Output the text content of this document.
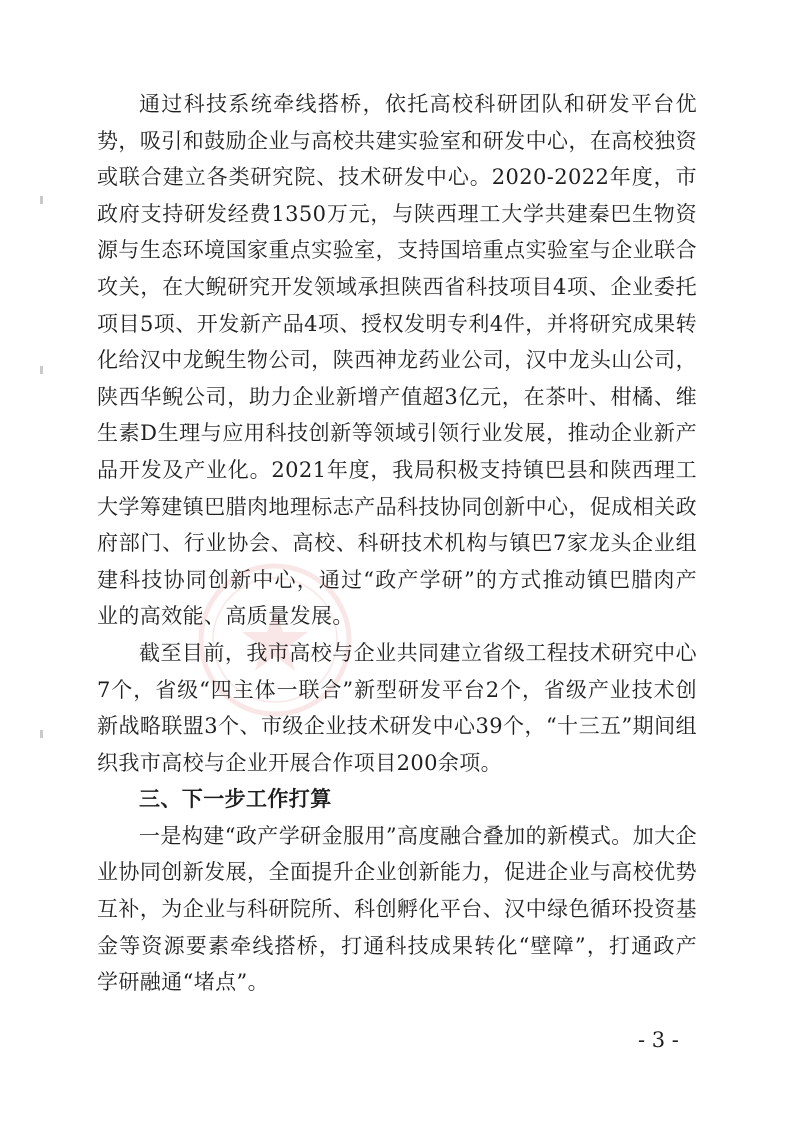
通过科技系统牵线搭桥，依托高校科研团队和研发平台优势，吸引和鼓励企业与高校共建实验室和研发中心，在高校独资或联合建立各类研究院、技术研发中心。2020-2022年度，市政府支持研发经费1350万元，与陕西理工大学共建秦巴生物资源与生态环境国家重点实验室，支持国培重点实验室与企业联合攻关，在大鲵研究开发领域承担陕西省科技项目4项、企业委托项目5项、开发新产品4项、授权发明专利4件，并将研究成果转化给汉中龙鲵生物公司，陕西神龙药业公司，汉中龙头山公司，陕西华鲵公司，助力企业新增产值超3亿元，在茶叶、柑橘、维生素D生理与应用科技创新等领域引领行业发展，推动企业新产品开发及产业化。2021年度，我局积极支持镇巴县和陕西理工大学筹建镇巴腊肉地理标志产品科技协同创新中心，促成相关政府部门、行业协会、高校、科研技术机构与镇巴7家龙头企业组建科技协同创新中心，通过“政产学研”的方式推动镇巴腊肉产业的高效能、高质量发展。

截至目前，我市高校与企业共同建立省级工程技术研究中心7个，省级“四主体一联合”新型研发平台2个，省级产业技术创新战略联盟3个、市级企业技术研发中心39个，“十三五”期间组织我市高校与企业开展合作项目200余项。

三、下一步工作打算

一是构建“政产学研金服用”高度融合叠加的新模式。加大企业协同创新发展，全面提升企业创新能力，促进企业与高校优势互补，为企业与科研院所、科创孵化平台、汉中绿色循环投资基金等资源要素牵线搭桥，打通科技成果转化“壁障”，打通政产学研融通“堵点”。

- 3 -
